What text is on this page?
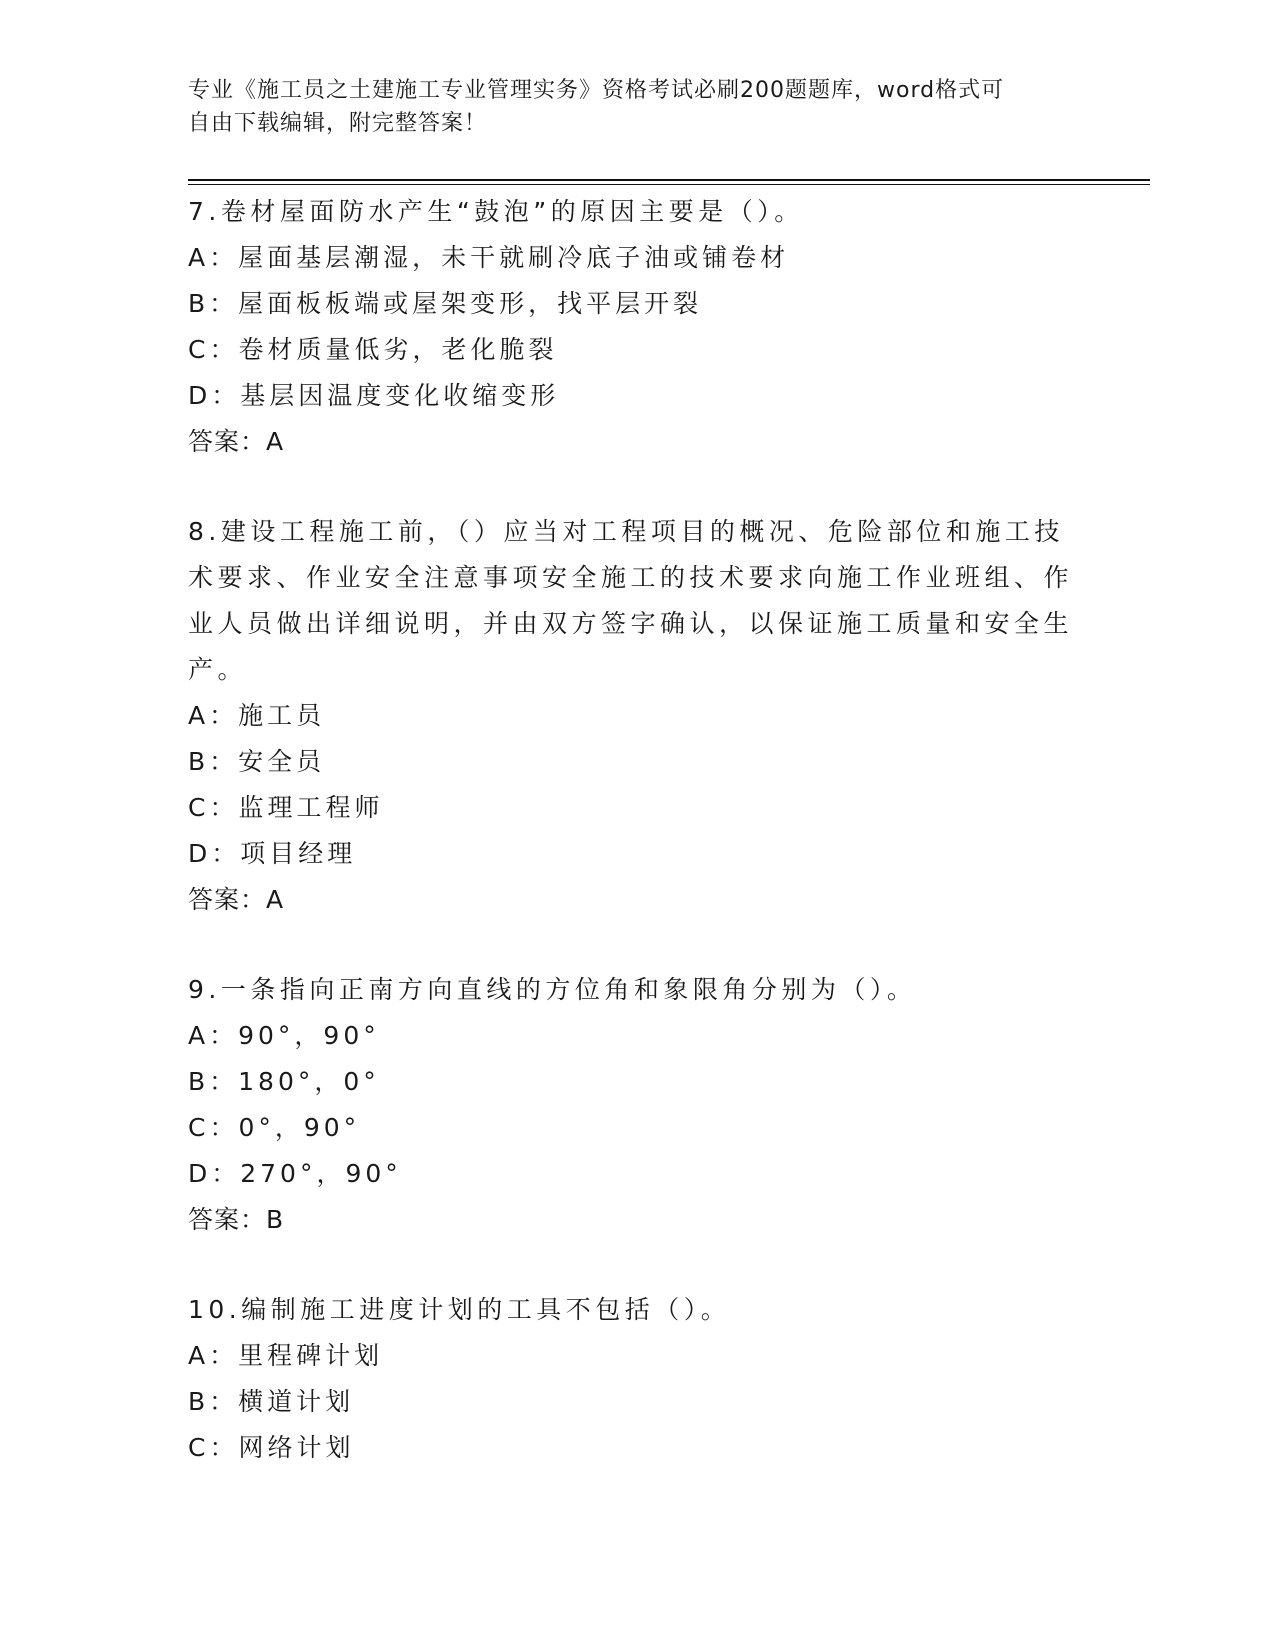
专业《施工员之土建施工专业管理实务》资格考试必刷200题题库，word格式可
自由下载编辑，附完整答案！
7.卷材屋面防水产生“鼓泡”的原因主要是（）。
A：屋面基层潮湿，未干就刷冷底子油或铺卷材
B：屋面板板端或屋架变形，找平层开裂
C：卷材质量低劣，老化脆裂
D：基层因温度变化收缩变形
答案：A
8.建设工程施工前，（）应当对工程项目的概况、危险部位和施工技
术要求、作业安全注意事项安全施工的技术要求向施工作业班组、作
业人员做出详细说明，并由双方签字确认，以保证施工质量和安全生
产。
A：施工员
B：安全员
C：监理工程师
D：项目经理
答案：A
9.一条指向正南方向直线的方位角和象限角分别为（）。
A：90°，90°
B：180°，0°
C：0°，90°
D：270°，90°
答案：B
10.编制施工进度计划的工具不包括（）。
A：里程碑计划
B：横道计划
C：网络计划
